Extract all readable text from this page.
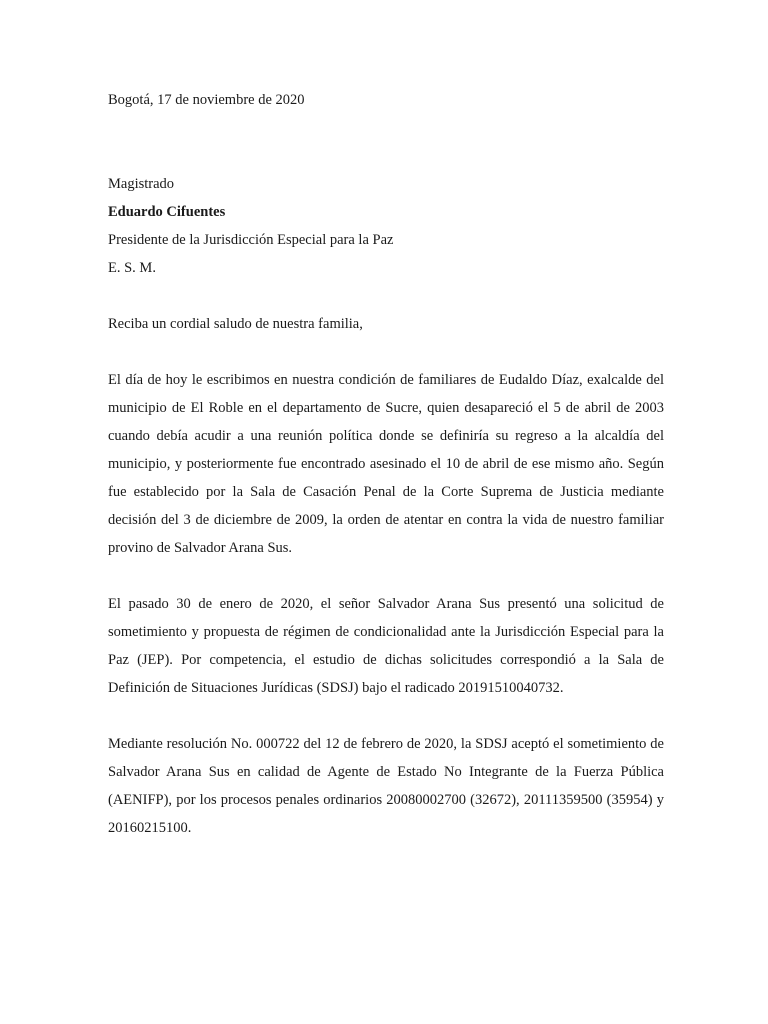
Bogotá, 17 de noviembre de 2020

Magistrado

Eduardo Cifuentes

Presidente de la Jurisdicción Especial para la Paz

E. S. M.

Reciba un cordial saludo de nuestra familia,

El día de hoy le escribimos en nuestra condición de familiares de Eudaldo Díaz, exalcalde del municipio de El Roble en el departamento de Sucre, quien desapareció el 5 de abril de 2003 cuando debía acudir a una reunión política donde se definiría su regreso a la alcaldía del municipio, y posteriormente fue encontrado asesinado el 10 de abril de ese mismo año. Según fue establecido por la Sala de Casación Penal de la Corte Suprema de Justicia mediante decisión del 3 de diciembre de 2009, la orden de atentar en contra la vida de nuestro familiar provino de Salvador Arana Sus.

El pasado 30 de enero de 2020, el señor Salvador Arana Sus presentó una solicitud de sometimiento y propuesta de régimen de condicionalidad ante la Jurisdicción Especial para la Paz (JEP). Por competencia, el estudio de dichas solicitudes correspondió a la Sala de Definición de Situaciones Jurídicas (SDSJ) bajo el radicado 20191510040732.

Mediante resolución No. 000722 del 12 de febrero de 2020, la SDSJ aceptó el sometimiento de Salvador Arana Sus en calidad de Agente de Estado No Integrante de la Fuerza Pública (AENIFP), por los procesos penales ordinarios 20080002700 (32672), 20111359500 (35954) y 20160215100.
